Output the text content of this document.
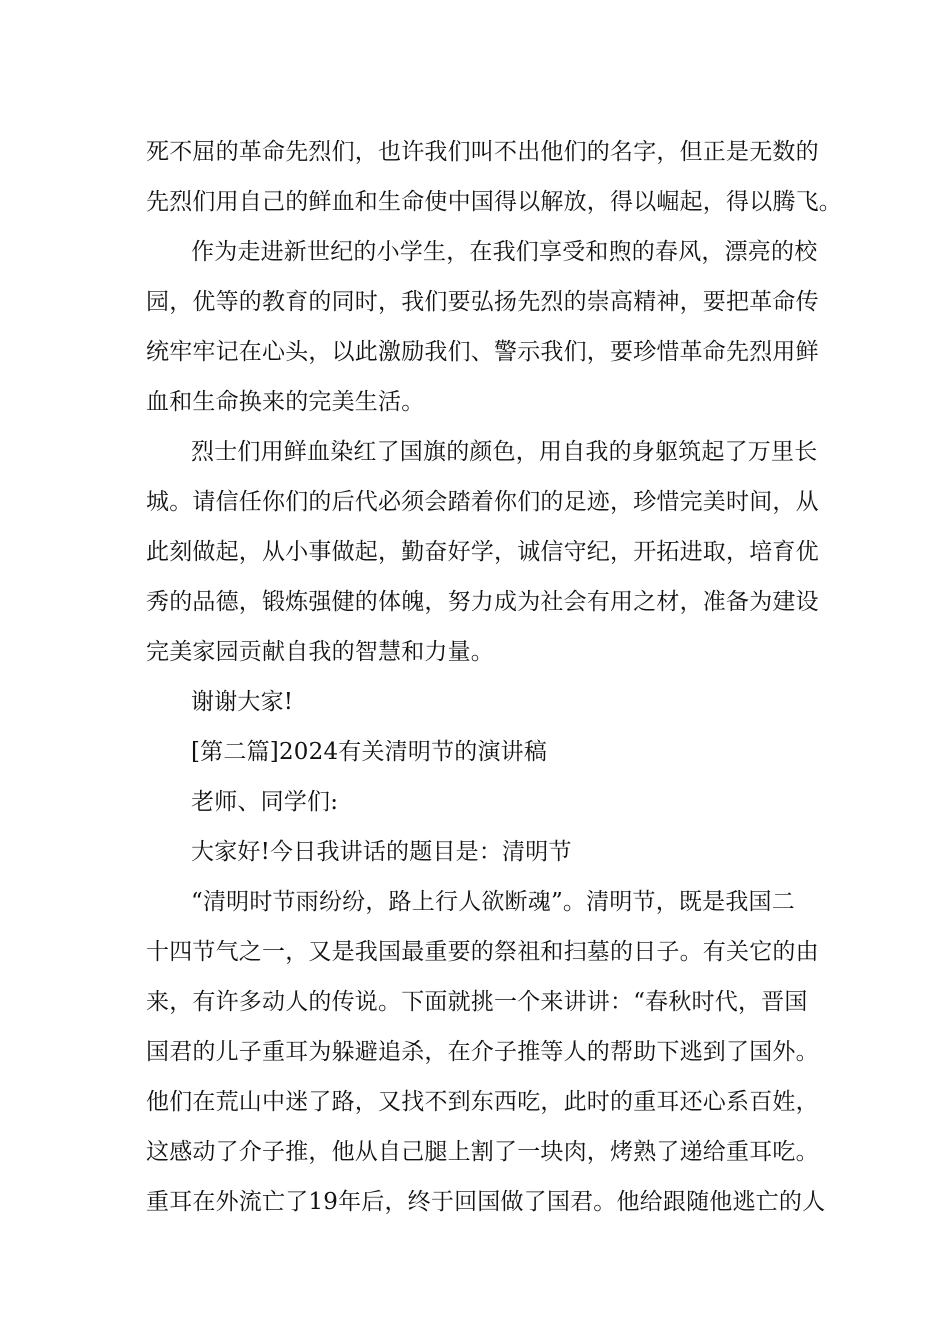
死不屈的革命先烈们，也许我们叫不出他们的名字，但正是无数的
先烈们用自己的鲜血和生命使中国得以解放，得以崛起，得以腾飞。
作为走进新世纪的小学生，在我们享受和煦的春风，漂亮的校
园，优等的教育的同时，我们要弘扬先烈的崇高精神，要把革命传
统牢牢记在心头，以此激励我们、警示我们，要珍惜革命先烈用鲜
血和生命换来的完美生活。
烈士们用鲜血染红了国旗的颜色，用自我的身躯筑起了万里长
城。请信任你们的后代必须会踏着你们的足迹，珍惜完美时间，从
此刻做起，从小事做起，勤奋好学，诚信守纪，开拓进取，培育优
秀的品德，锻炼强健的体魄，努力成为社会有用之材，准备为建设
完美家园贡献自我的智慧和力量。
谢谢大家!
[第二篇]2024有关清明节的演讲稿
老师、同学们:
大家好!今日我讲话的题目是：清明节
“清明时节雨纷纷，路上行人欲断魂”。清明节，既是我国二
十四节气之一，又是我国最重要的祭祖和扫墓的日子。有关它的由
来，有许多动人的传说。下面就挑一个来讲讲：“春秋时代，晋国
国君的儿子重耳为躲避追杀，在介子推等人的帮助下逃到了国外。
他们在荒山中迷了路，又找不到东西吃，此时的重耳还心系百姓，
这感动了介子推，他从自己腿上割了一块肉，烤熟了递给重耳吃。
重耳在外流亡了19年后，终于回国做了国君。他给跟随他逃亡的人
